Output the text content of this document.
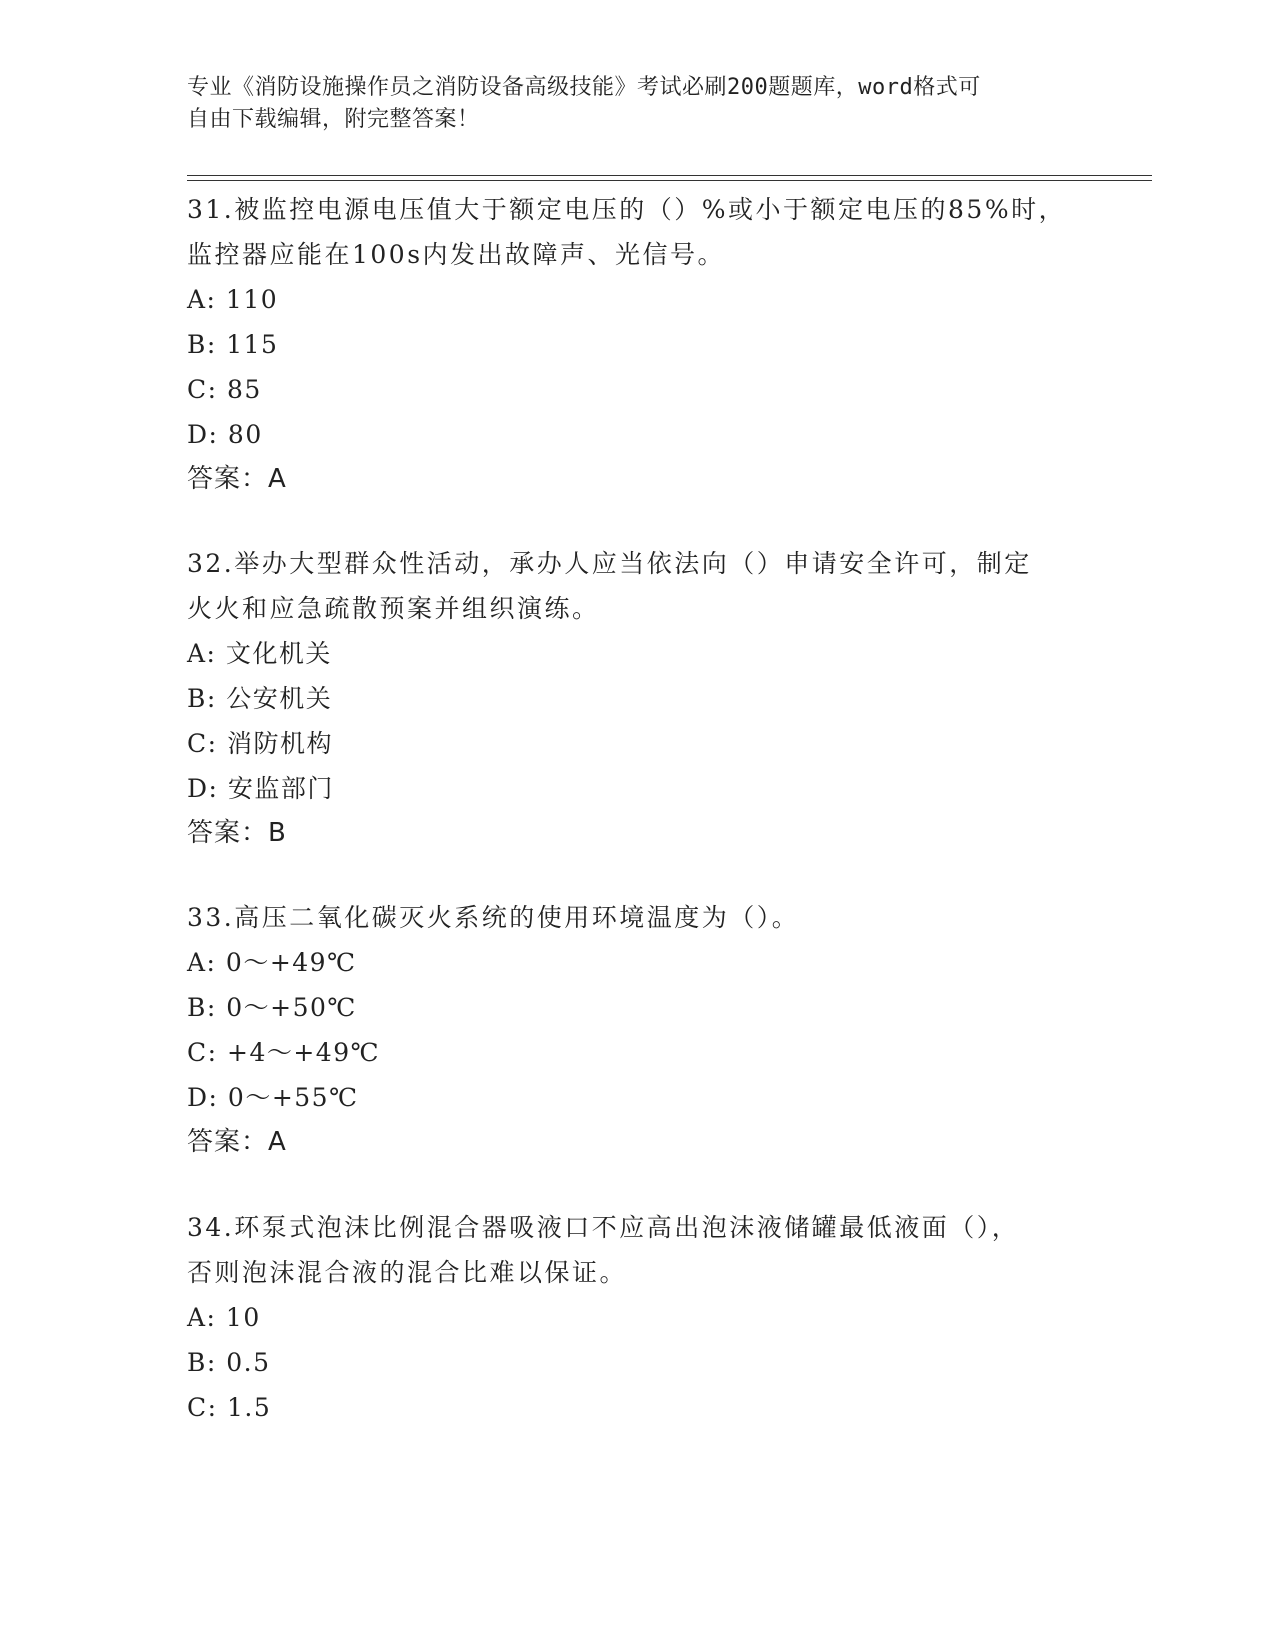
专业《消防设施操作员之消防设备高级技能》考试必刷200题题库，word格式可
自由下载编辑，附完整答案！
31.被监控电源电压值大于额定电压的（）%或小于额定电压的85%时，
监控器应能在100s内发出故障声、光信号。
A: 110
B: 115
C: 85
D: 80
答案：A
32.举办大型群众性活动，承办人应当依法向（）申请安全许可，制定
火火和应急疏散预案并组织演练。
A: 文化机关
B: 公安机关
C: 消防机构
D: 安监部门
答案：B
33.高压二氧化碳灭火系统的使用环境温度为（）。
A: 0～+49℃
B: 0～+50℃
C: +4～+49℃
D: 0～+55℃
答案：A
34.环泵式泡沫比例混合器吸液口不应高出泡沫液储罐最低液面（），
否则泡沫混合液的混合比难以保证。
A: 10
B: 0.5
C: 1.5
